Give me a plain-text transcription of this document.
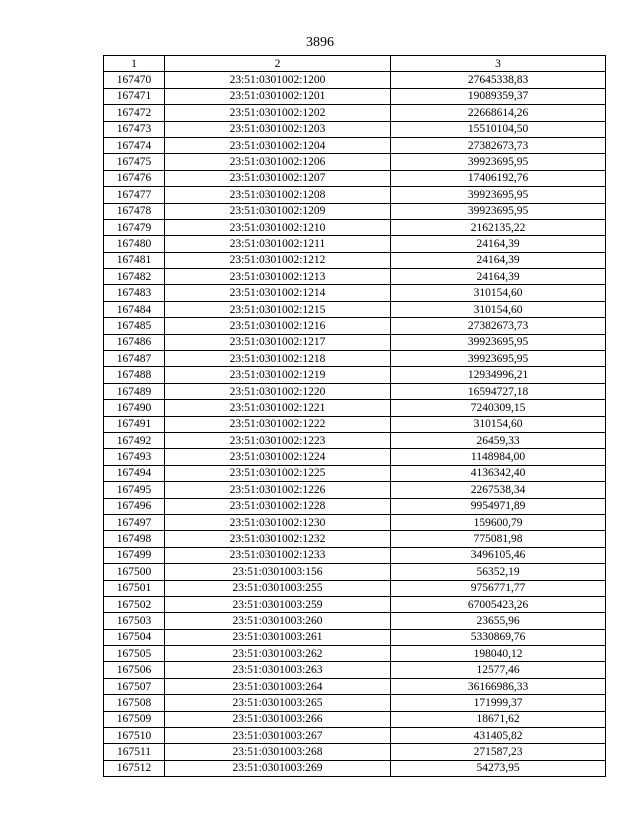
3896
1	2	3
167470	23:51:0301002:1200	27645338,83
167471	23:51:0301002:1201	19089359,37
167472	23:51:0301002:1202	22668614,26
167473	23:51:0301002:1203	15510104,50
167474	23:51:0301002:1204	27382673,73
167475	23:51:0301002:1206	39923695,95
167476	23:51:0301002:1207	17406192,76
167477	23:51:0301002:1208	39923695,95
167478	23:51:0301002:1209	39923695,95
167479	23:51:0301002:1210	2162135,22
167480	23:51:0301002:1211	24164,39
167481	23:51:0301002:1212	24164,39
167482	23:51:0301002:1213	24164,39
167483	23:51:0301002:1214	310154,60
167484	23:51:0301002:1215	310154,60
167485	23:51:0301002:1216	27382673,73
167486	23:51:0301002:1217	39923695,95
167487	23:51:0301002:1218	39923695,95
167488	23:51:0301002:1219	12934996,21
167489	23:51:0301002:1220	16594727,18
167490	23:51:0301002:1221	7240309,15
167491	23:51:0301002:1222	310154,60
167492	23:51:0301002:1223	26459,33
167493	23:51:0301002:1224	1148984,00
167494	23:51:0301002:1225	4136342,40
167495	23:51:0301002:1226	2267538,34
167496	23:51:0301002:1228	9954971,89
167497	23:51:0301002:1230	159600,79
167498	23:51:0301002:1232	775081,98
167499	23:51:0301002:1233	3496105,46
167500	23:51:0301003:156	56352,19
167501	23:51:0301003:255	9756771,77
167502	23:51:0301003:259	67005423,26
167503	23:51:0301003:260	23655,96
167504	23:51:0301003:261	5330869,76
167505	23:51:0301003:262	198040,12
167506	23:51:0301003:263	12577,46
167507	23:51:0301003:264	36166986,33
167508	23:51:0301003:265	171999,37
167509	23:51:0301003:266	18671,62
167510	23:51:0301003:267	431405,82
167511	23:51:0301003:268	271587,23
167512	23:51:0301003:269	54273,95
